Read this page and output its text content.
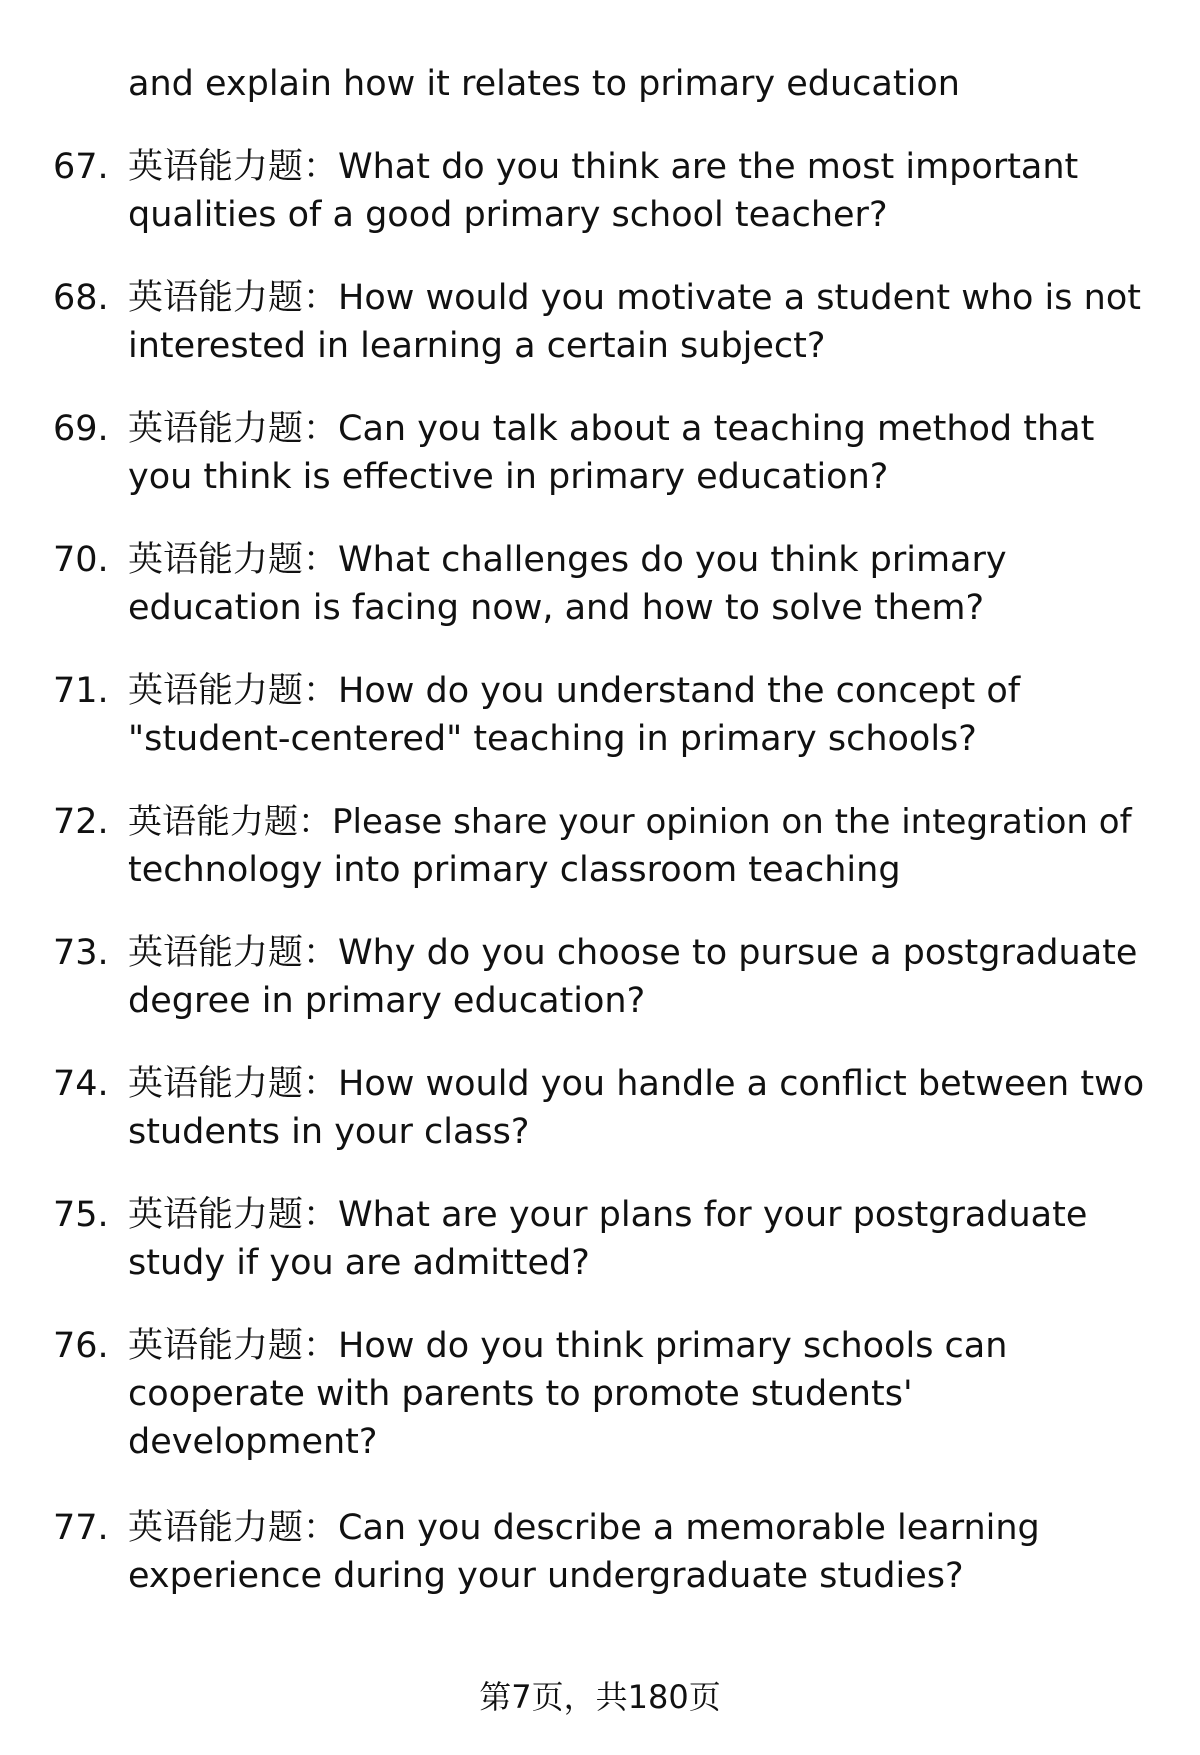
and explain how it relates to primary education
67. 英语能力题：What do you think are the most important
qualities of a good primary school teacher?
68. 英语能力题：How would you motivate a student who is not
interested in learning a certain subject?
69. 英语能力题：Can you talk about a teaching method that
you think is effective in primary education?
70. 英语能力题：What challenges do you think primary
education is facing now, and how to solve them?
71. 英语能力题：How do you understand the concept of
"student-centered" teaching in primary schools?
72. 英语能力题：Please share your opinion on the integration of
technology into primary classroom teaching
73. 英语能力题：Why do you choose to pursue a postgraduate
degree in primary education?
74. 英语能力题：How would you handle a conflict between two
students in your class?
75. 英语能力题：What are your plans for your postgraduate
study if you are admitted?
76. 英语能力题：How do you think primary schools can
cooperate with parents to promote students'
development?
77. 英语能力题：Can you describe a memorable learning
experience during your undergraduate studies?
第7页，共180页
